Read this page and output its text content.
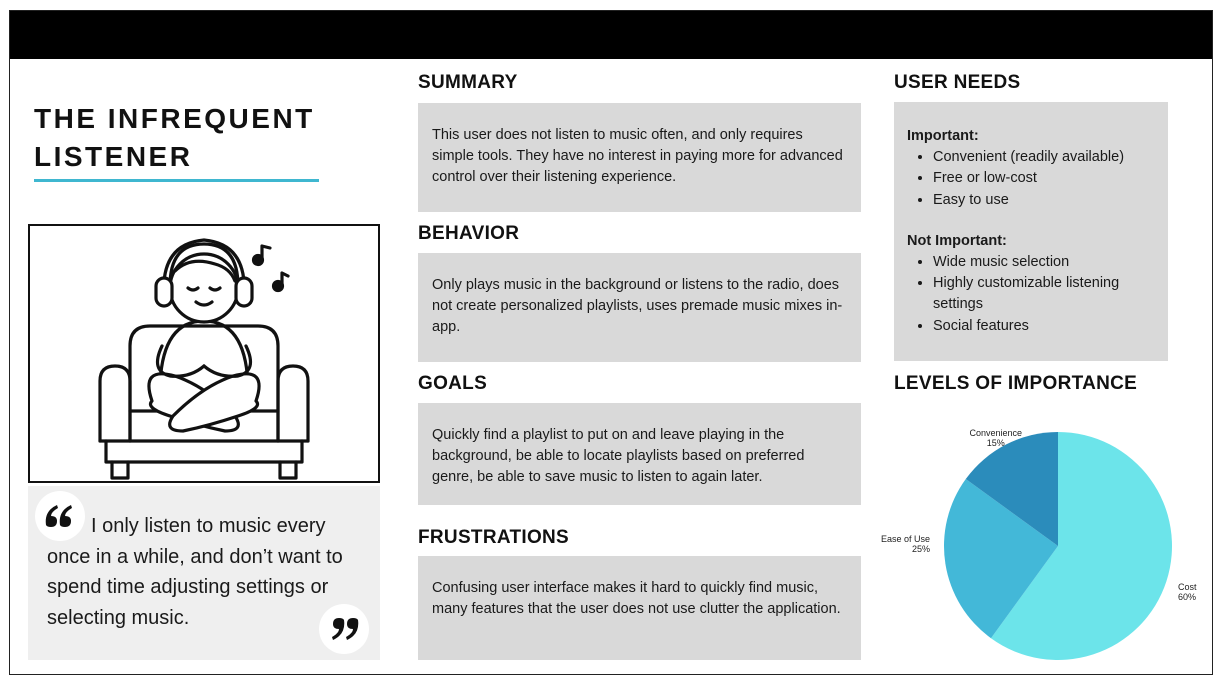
THE INFREQUENT LISTENER

I only listen to music every once in a while, and don’t want to spend time adjusting settings or selecting music.

SUMMARY

This user does not listen to music often, and only requires simple tools. They have no interest in paying more for advanced control over their listening experience.

BEHAVIOR

Only plays music in the background or listens to the radio, does not create personalized playlists, uses premade music mixes in-app.

GOALS

Quickly find a playlist to put on and leave playing in the background, be able to locate playlists based on preferred genre, be able to save music to listen to again later.

FRUSTRATIONS

Confusing user interface makes it hard to quickly find music, many features that the user does not use clutter the application.

USER NEEDS

Important:

• Convenient (readily available)
• Free or low-cost
• Easy to use

Not Important:

• Wide music selection
• Highly customizable listening settings
• Social features
LEVELS OF IMPORTANCE
Cost
60%
Ease of Use
25%
Convenience
15%
